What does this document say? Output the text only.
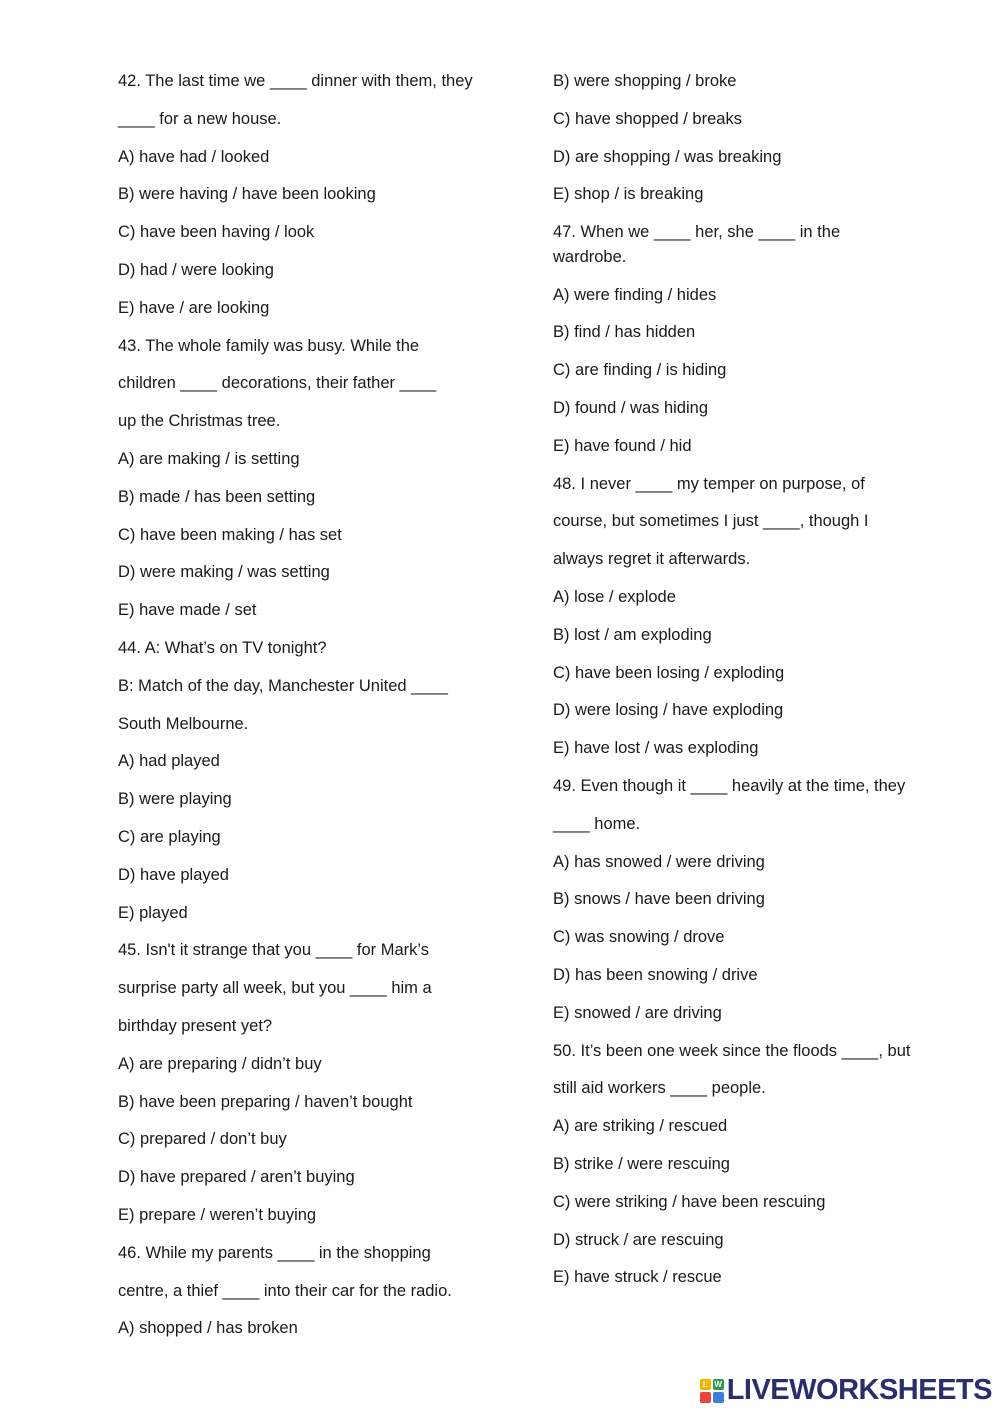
42. The last time we ____ dinner with them, they
____ for a new house.
A) have had / looked
B) were having / have been looking
C) have been having / look
D) had / were looking
E) have / are looking
43. The whole family was busy. While the
children ____ decorations, their father ____
up the Christmas tree.
A) are making / is setting
B) made / has been setting
C) have been making / has set
D) were making / was setting
E) have made / set
44. A: What’s on TV tonight?
B: Match of the day, Manchester United ____
South Melbourne.
A) had played
B) were playing
C) are playing
D) have played
E) played
45. Isn't it strange that you ____ for Mark’s
surprise party all week, but you ____ him a
birthday present yet?
A) are preparing / didn’t buy
B) have been preparing / haven’t bought
C) prepared / don’t buy
D) have prepared / aren’t buying
E) prepare / weren’t buying
46. While my parents ____ in the shopping
centre, a thief ____ into their car for the radio.
A) shopped / has broken
B) were shopping / broke
C) have shopped / breaks
D) are shopping / was breaking
E) shop / is breaking
47. When we ____ her, she ____ in the
wardrobe.
A) were finding / hides
B) find / has hidden
C) are finding / is hiding
D) found / was hiding
E) have found / hid
48. I never ____ my temper on purpose, of
course, but sometimes I just ____, though I
always regret it afterwards.
A) lose / explode
B) lost / am exploding
C) have been losing / exploding
D) were losing / have exploding
E) have lost / was exploding
49. Even though it ____ heavily at the time, they
____ home.
A) has snowed / were driving
B) snows / have been driving
C) was snowing / drove
D) has been snowing / drive
E) snowed / are driving
50. It’s been one week since the floods ____, but
still aid workers ____ people.
A) are striking / rescued
B) strike / were rescuing
C) were striking / have been rescuing
D) struck / are rescuing
E) have struck / rescue
L W LIVEWORKSHEETS
